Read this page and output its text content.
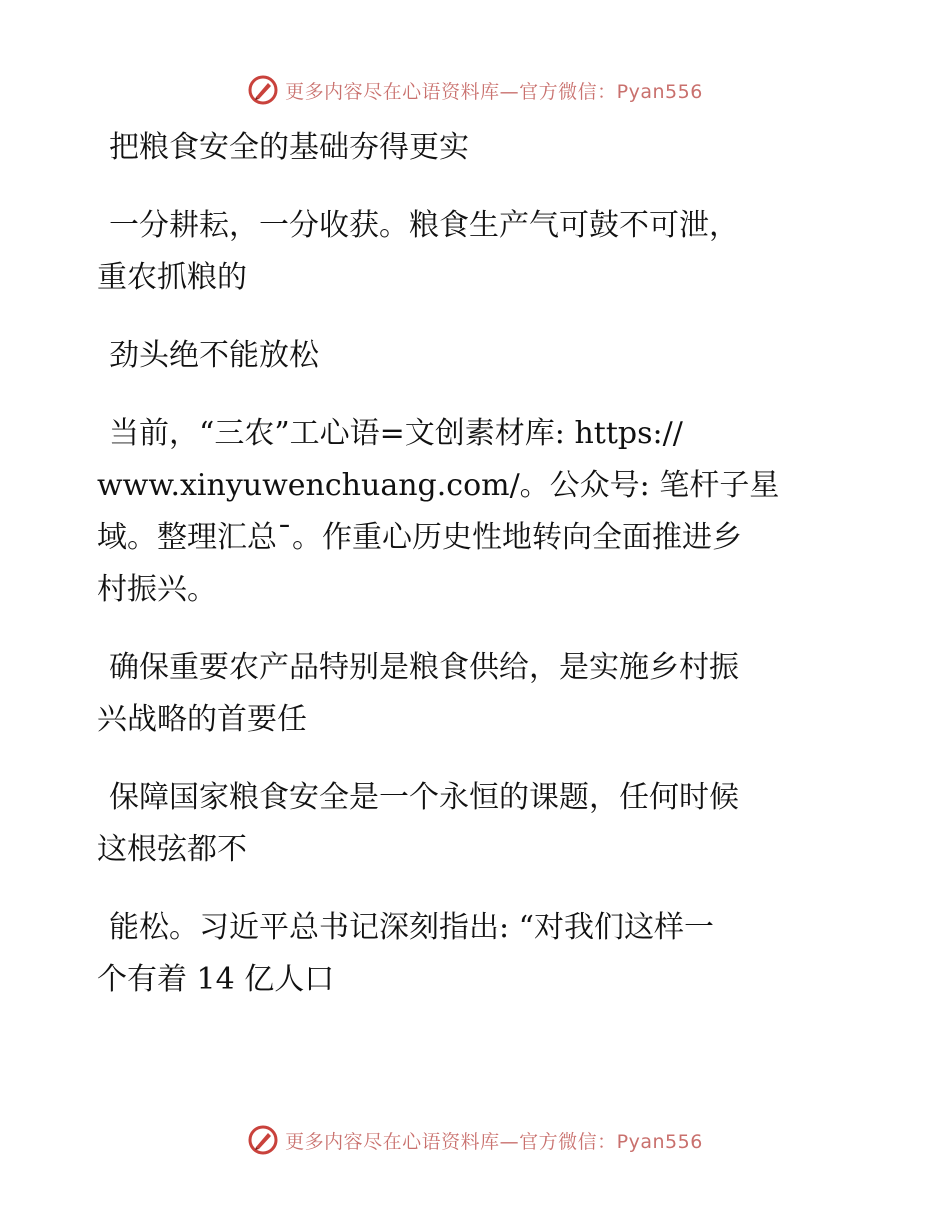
更多内容尽在心语资料库—官方微信：Pyan556
把粮食安全的基础夯得更实
一分耕耘，一分收获。粮食生产气可鼓不可泄，
重农抓粮的
劲头绝不能放松
当前，“三农”工心语=文创素材库: https://
www.xinyuwenchuang.com/。公众号: 笔杆子星
域。整理汇总¯。作重心历史性地转向全面推进乡
村振兴。
确保重要农产品特别是粮食供给，是实施乡村振
兴战略的首要任
保障国家粮食安全是一个永恒的课题，任何时候
这根弦都不
能松。习近平总书记深刻指出: “对我们这样一
个有着 14 亿人口
更多内容尽在心语资料库—官方微信：Pyan556
